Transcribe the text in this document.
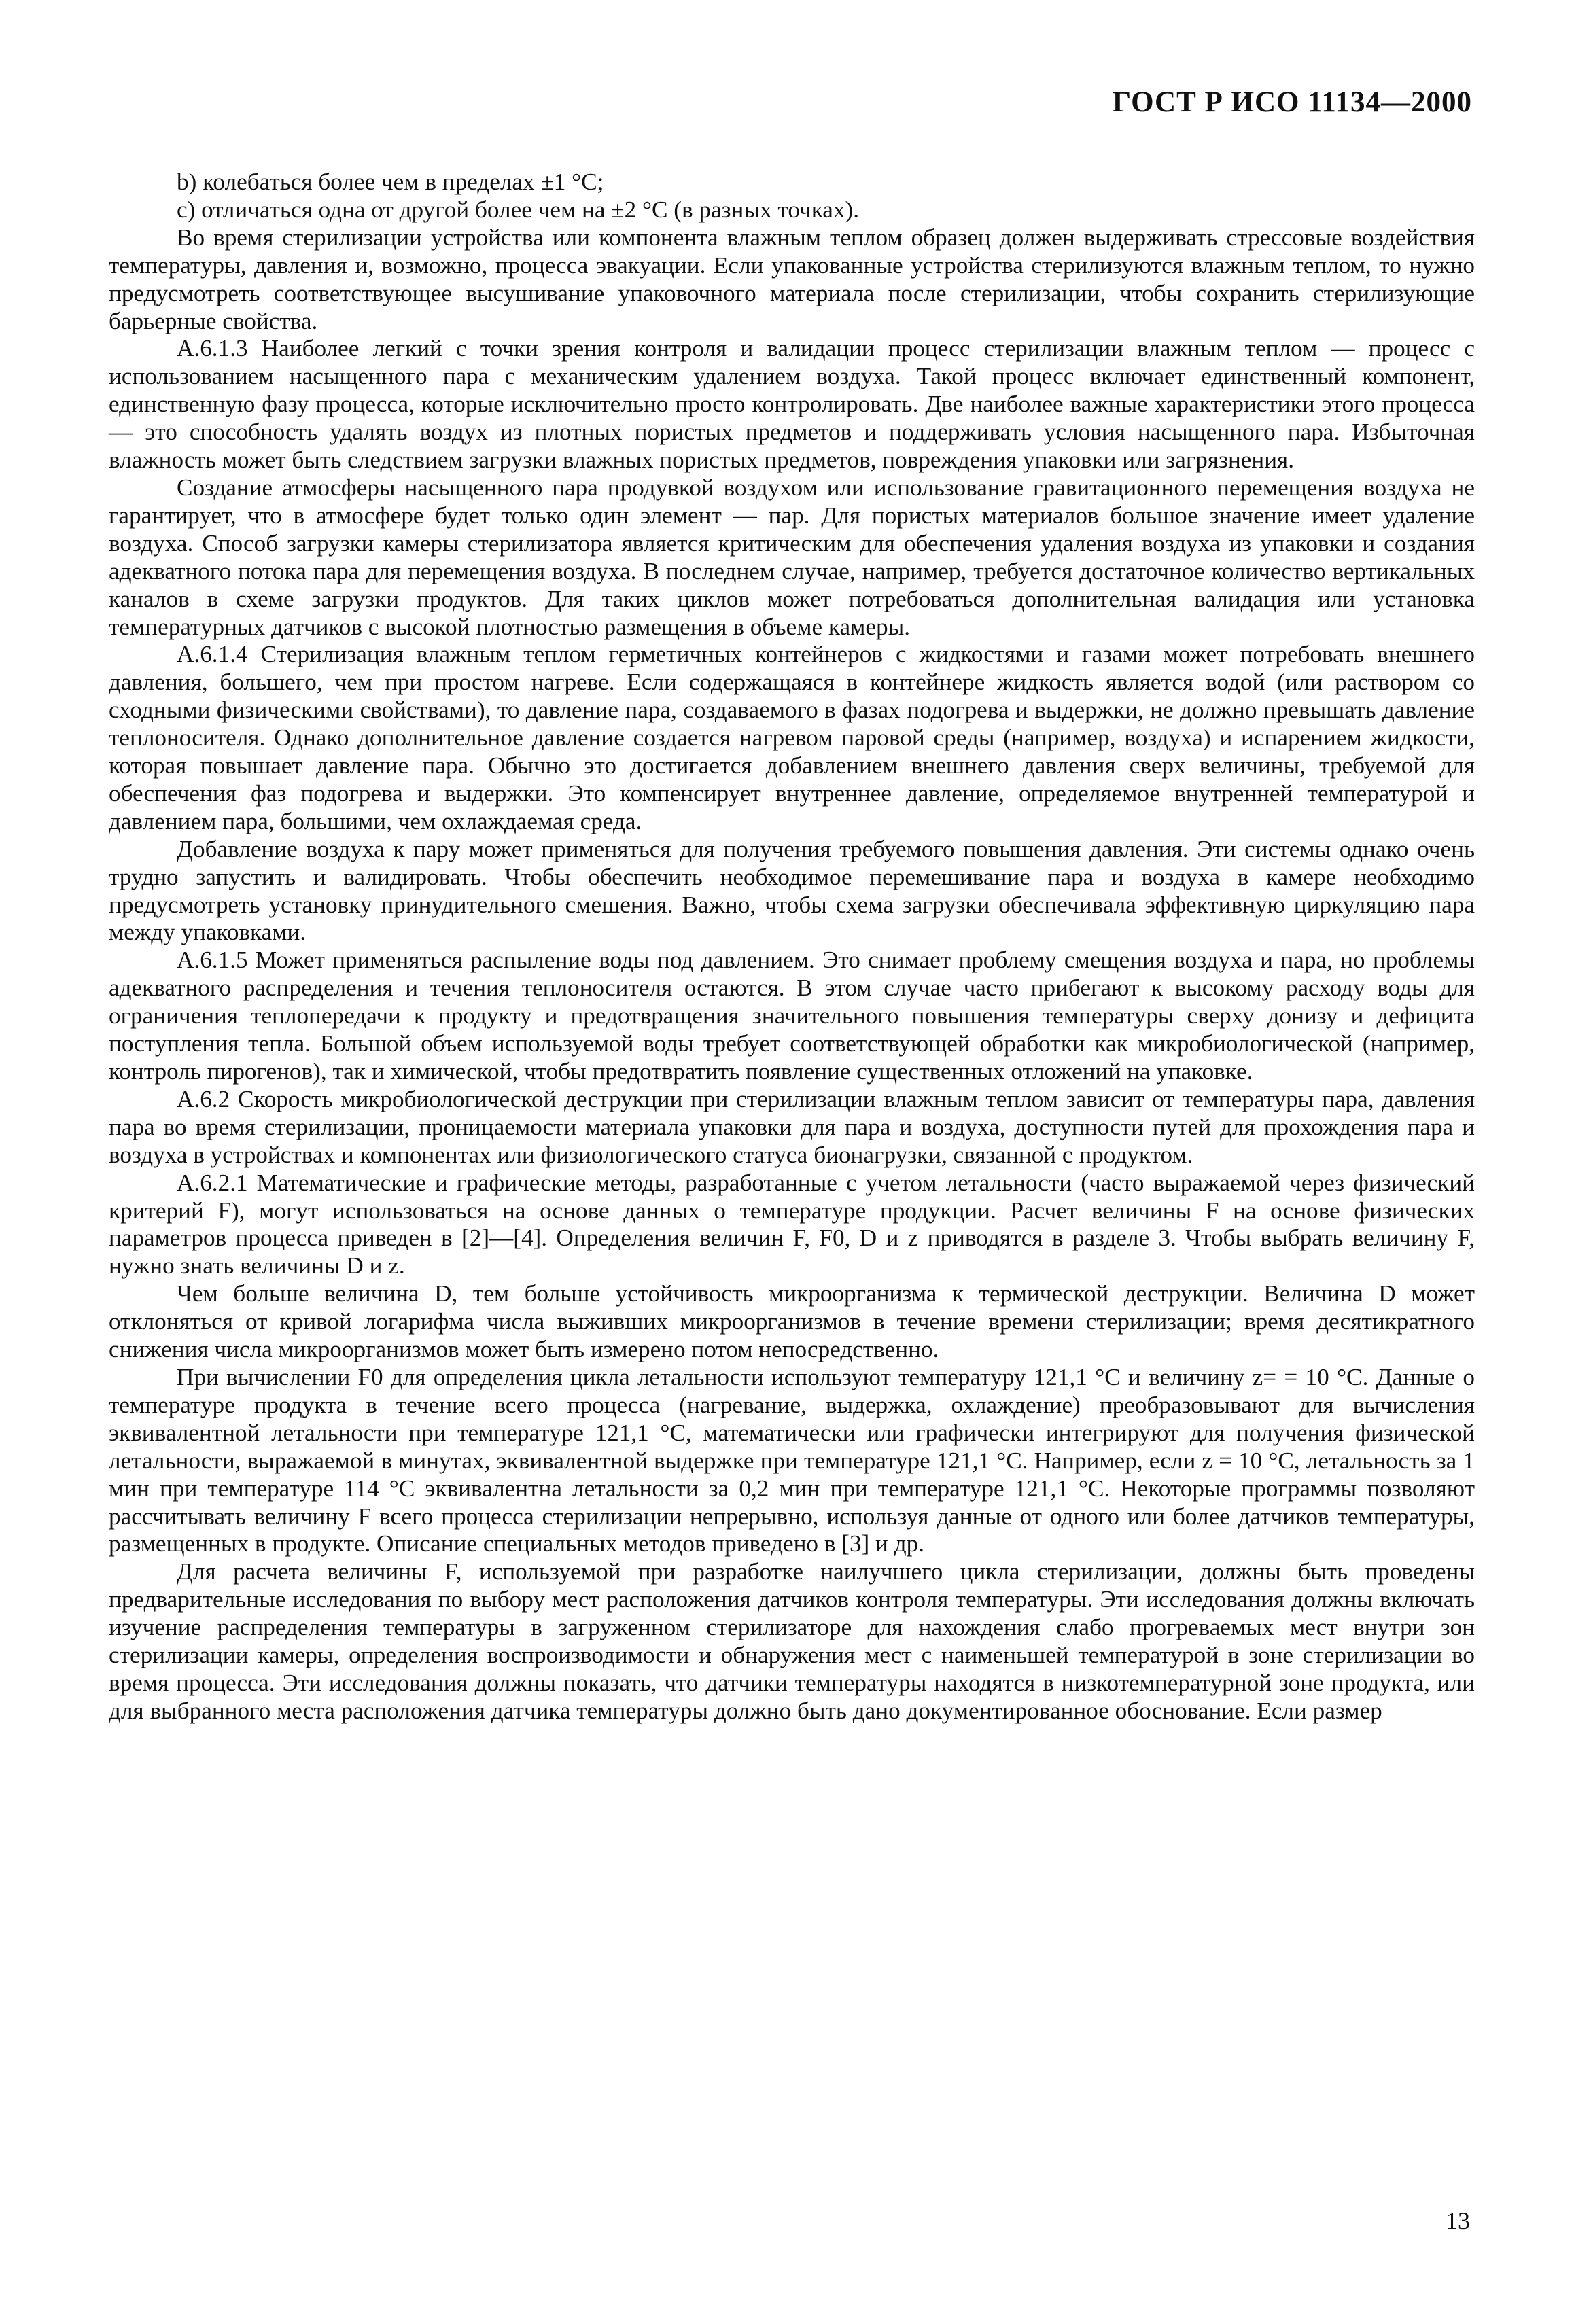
ГОСТ Р ИСО 11134—2000

b) колебаться более чем в пределах ±1 °C;

c) отличаться одна от другой более чем на ±2 °C (в разных точках).

Во время стерилизации устройства или компонента влажным теплом образец должен выдерживать стрессовые воздействия температуры, давления и, возможно, процесса эвакуации. Если упакованные устройства стерилизуются влажным теплом, то нужно предусмотреть соответствующее высушивание упаковочного материала после стерилизации, чтобы сохранить стерилизующие барьерные свойства.

А.6.1.3 Наиболее легкий с точки зрения контроля и валидации процесс стерилизации влажным теплом — процесс с использованием насыщенного пара с механическим удалением воздуха. Такой процесс включает единственный компонент, единственную фазу процесса, которые исключительно просто контролировать. Две наиболее важные характеристики этого процесса — это способность удалять воздух из плотных пористых предметов и поддерживать условия насыщенного пара. Избыточная влажность может быть следствием загрузки влажных пористых предметов, повреждения упаковки или загрязнения.

Создание атмосферы насыщенного пара продувкой воздухом или использование гравитационного перемещения воздуха не гарантирует, что в атмосфере будет только один элемент — пар. Для пористых материалов большое значение имеет удаление воздуха. Способ загрузки камеры стерилизатора является критическим для обеспечения удаления воздуха из упаковки и создания адекватного потока пара для перемещения воздуха. В последнем случае, например, требуется достаточное количество вертикальных каналов в схеме загрузки продуктов. Для таких циклов может потребоваться дополнительная валидация или установка температурных датчиков с высокой плотностью размещения в объеме камеры.

А.6.1.4 Стерилизация влажным теплом герметичных контейнеров с жидкостями и газами может потребовать внешнего давления, большего, чем при простом нагреве. Если содержащаяся в контейнере жидкость является водой (или раствором со сходными физическими свойствами), то давление пара, создаваемого в фазах подогрева и выдержки, не должно превышать давление теплоносителя. Однако дополнительное давление создается нагревом паровой среды (например, воздуха) и испарением жидкости, которая повышает давление пара. Обычно это достигается добавлением внешнего давления сверх величины, требуемой для обеспечения фаз подогрева и выдержки. Это компенсирует внутреннее давление, определяемое внутренней температурой и давлением пара, большими, чем охлаждаемая среда.

Добавление воздуха к пару может применяться для получения требуемого повышения давления. Эти системы однако очень трудно запустить и валидировать. Чтобы обеспечить необходимое перемешивание пара и воздуха в камере необходимо предусмотреть установку принудительного смешения. Важно, чтобы схема загрузки обеспечивала эффективную циркуляцию пара между упаковками.

А.6.1.5 Может применяться распыление воды под давлением. Это снимает проблему смещения воздуха и пара, но проблемы адекватного распределения и течения теплоносителя остаются. В этом случае часто прибегают к высокому расходу воды для ограничения теплопередачи к продукту и предотвращения значительного повышения температуры сверху донизу и дефицита поступления тепла. Большой объем используемой воды требует соответствующей обработки как микробиологической (например, контроль пирогенов), так и химической, чтобы предотвратить появление существенных отложений на упаковке.

А.6.2 Скорость микробиологической деструкции при стерилизации влажным теплом зависит от температуры пара, давления пара во время стерилизации, проницаемости материала упаковки для пара и воздуха, доступности путей для прохождения пара и воздуха в устройствах и компонентах или физиологического статуса бионагрузки, связанной с продуктом.

А.6.2.1 Математические и графические методы, разработанные с учетом летальности (часто выражаемой через физический критерий F), могут использоваться на основе данных о температуре продукции. Расчет величины F на основе физических параметров процесса приведен в [2]—[4]. Определения величин F, F0, D и z приводятся в разделе 3. Чтобы выбрать величину F, нужно знать величины D и z.

Чем больше величина D, тем больше устойчивость микроорганизма к термической деструкции. Величина D может отклоняться от кривой логарифма числа выживших микроорганизмов в течение времени стерилизации; время десятикратного снижения числа микроорганизмов может быть измерено потом непосредственно.

При вычислении F0 для определения цикла летальности используют температуру 121,1 °С и величину z= = 10 °С. Данные о температуре продукта в течение всего процесса (нагревание, выдержка, охлаждение) преобразовывают для вычисления эквивалентной летальности при температуре 121,1 °С, математически или графически интегрируют для получения физической летальности, выражаемой в минутах, эквивалентной выдержке при температуре 121,1 °С. Например, если z = 10 °С, летальность за 1 мин при температуре 114 °С эквивалентна летальности за 0,2 мин при температуре 121,1 °С. Некоторые программы позволяют рассчитывать величину F всего процесса стерилизации непрерывно, используя данные от одного или более датчиков температуры, размещенных в продукте. Описание специальных методов приведено в [3] и др.

Для расчета величины F, используемой при разработке наилучшего цикла стерилизации, должны быть проведены предварительные исследования по выбору мест расположения датчиков контроля температуры. Эти исследования должны включать изучение распределения температуры в загруженном стерилизаторе для нахождения слабо прогреваемых мест внутри зон стерилизации камеры, определения воспроизводимости и обнаружения мест с наименьшей температурой в зоне стерилизации во время процесса. Эти исследования должны показать, что датчики температуры находятся в низкотемпературной зоне продукта, или для выбранного места расположения датчика температуры должно быть дано документированное обоснование. Если размер

13
